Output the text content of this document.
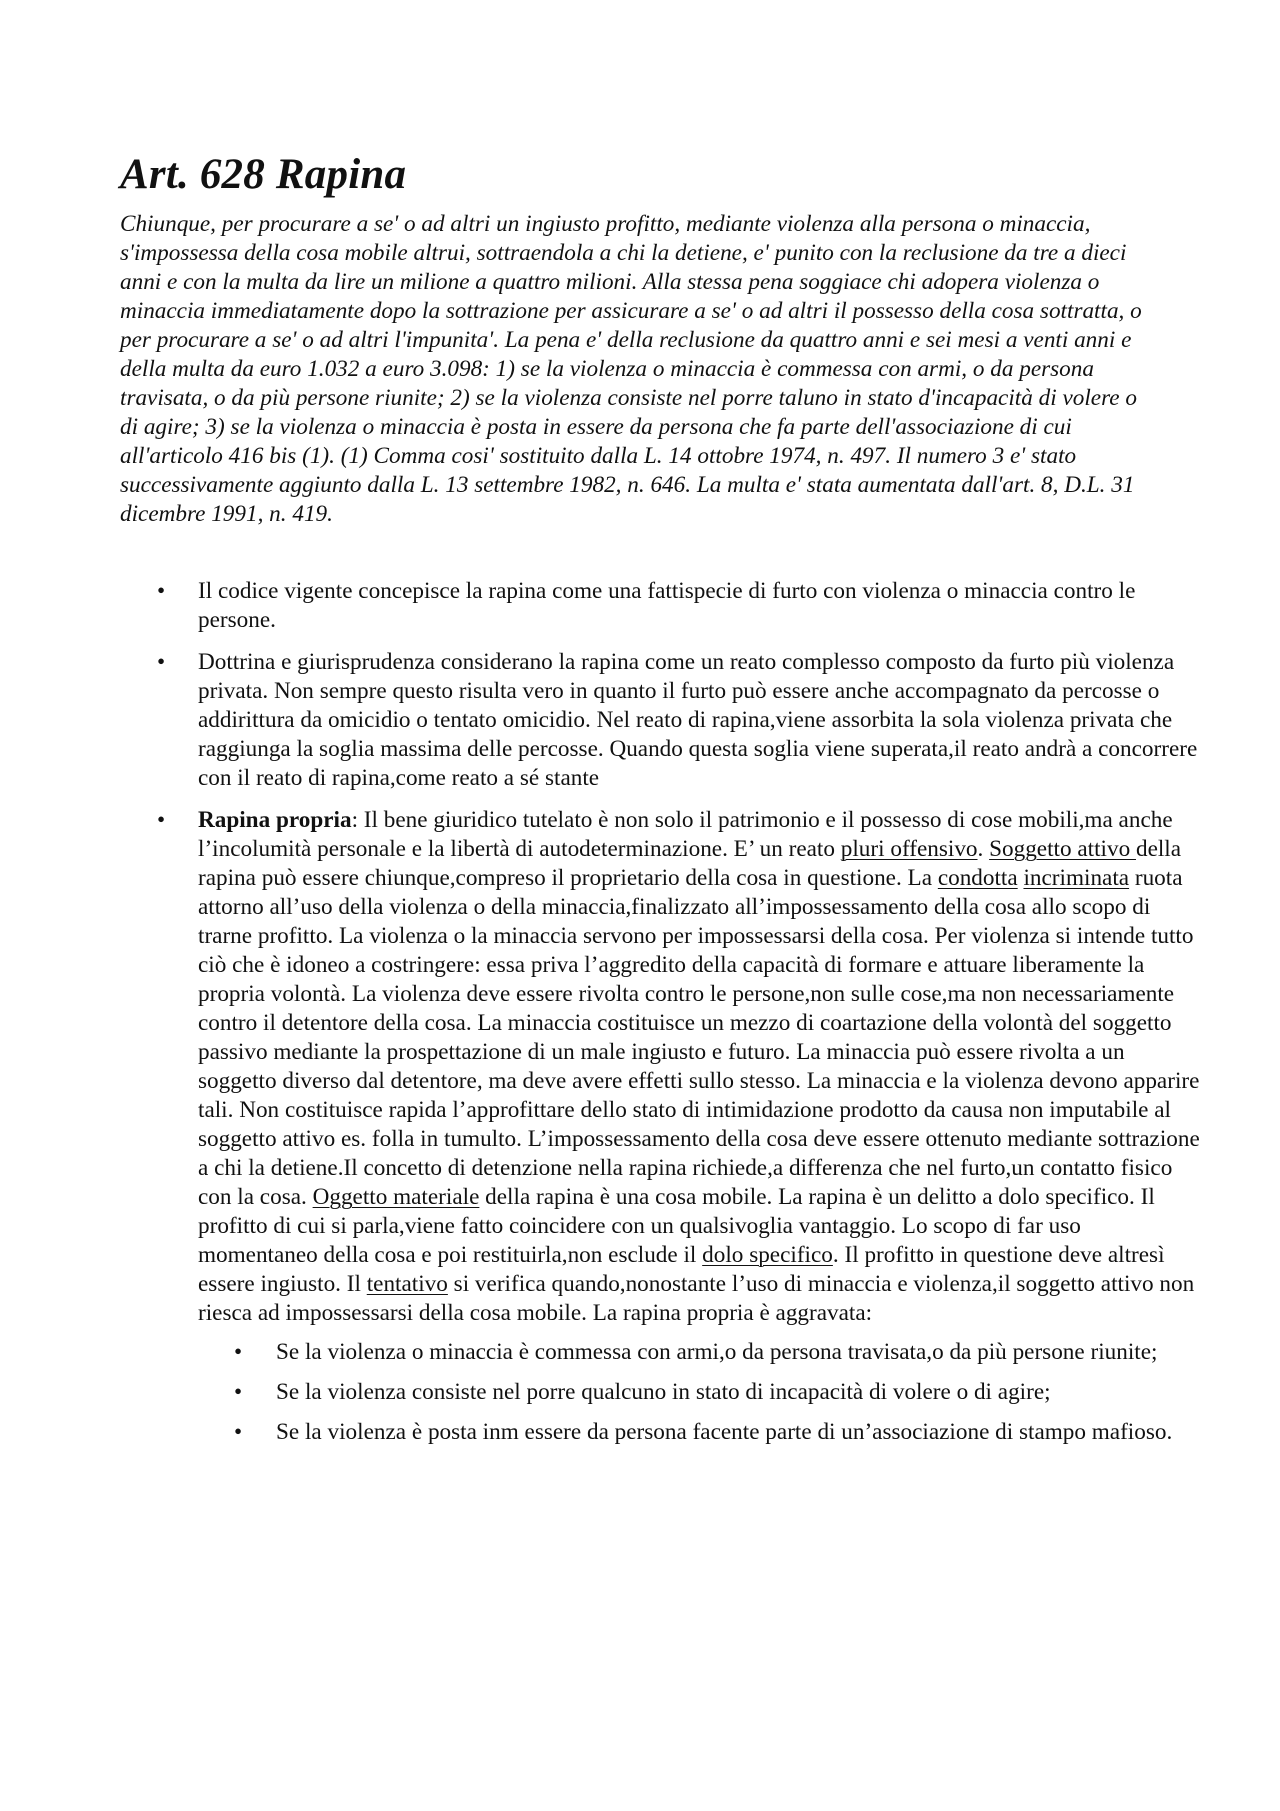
Art. 628 Rapina

Chiunque, per procurare a se' o ad altri un ingiusto profitto, mediante violenza alla persona o minaccia, s'impossessa della cosa mobile altrui, sottraendola a chi la detiene, e' punito con la reclusione da tre a dieci anni e con la multa da lire un milione a quattro milioni. Alla stessa pena soggiace chi adopera violenza o minaccia immediatamente dopo la sottrazione per assicurare a se' o ad altri il possesso della cosa sottratta, o per procurare a se' o ad altri l'impunita'. La pena e' della reclusione da quattro anni e sei mesi a venti anni e della multa da euro 1.032 a euro 3.098: 1) se la violenza o minaccia è commessa con armi, o da persona travisata, o da più persone riunite; 2) se la violenza consiste nel porre taluno in stato d'incapacità di volere o di agire; 3) se la violenza o minaccia è posta in essere da persona che fa parte dell'associazione di cui all'articolo 416 bis (1). (1) Comma cosi' sostituito dalla L. 14 ottobre 1974, n. 497. Il numero 3 e' stato successivamente aggiunto dalla L. 13 settembre 1982, n. 646. La multa e' stata aumentata dall'art. 8, D.L. 31 dicembre 1991, n. 419.

• Il codice vigente concepisce la rapina come una fattispecie di furto con violenza o minaccia contro le persone.
• Dottrina e giurisprudenza considerano la rapina come un reato complesso composto da furto più violenza privata. Non sempre questo risulta vero in quanto il furto può essere anche accompagnato da percosse o addirittura da omicidio o tentato omicidio. Nel reato di rapina,viene assorbita la sola violenza privata che raggiunga la soglia massima delle percosse. Quando questa soglia viene superata,il reato andrà a concorrere con il reato di rapina,come reato a sé stante
• Rapina propria: Il bene giuridico tutelato è non solo il patrimonio e il possesso di cose mobili,ma anche l’incolumità personale e la libertà di autodeterminazione. E’ un reato pluri offensivo. Soggetto attivo della rapina può essere chiunque,compreso il proprietario della cosa in questione. La condotta incriminata ruota attorno all’uso della violenza o della minaccia,finalizzato all’impossessamento della cosa allo scopo di trarne profitto. La violenza o la minaccia servono per impossessarsi della cosa. Per violenza si intende tutto ciò che è idoneo a costringere: essa priva l’aggredito della capacità di formare e attuare liberamente la propria volontà. La violenza deve essere rivolta contro le persone,non sulle cose,ma non necessariamente contro il detentore della cosa. La minaccia costituisce un mezzo di coartazione della volontà del soggetto passivo mediante la prospettazione di un male ingiusto e futuro. La minaccia può essere rivolta a un soggetto diverso dal detentore, ma deve avere effetti sullo stesso. La minaccia e la violenza devono apparire tali. Non costituisce rapida l’approfittare dello stato di intimidazione prodotto da causa non imputabile al soggetto attivo es. folla in tumulto. L’impossessamento della cosa deve essere ottenuto mediante sottrazione a chi la detiene.Il concetto di detenzione nella rapina richiede,a differenza che nel furto,un contatto fisico con la cosa. Oggetto materiale della rapina è una cosa mobile. La rapina è un delitto a dolo specifico. Il profitto di cui si parla,viene fatto coincidere con un qualsivoglia vantaggio. Lo scopo di far uso momentaneo della cosa e poi restituirla,non esclude il dolo specifico. Il profitto in questione deve altresì essere ingiusto. Il tentativo si verifica quando,nonostante l’uso di minaccia e violenza,il soggetto attivo non riesca ad impossessarsi della cosa mobile. La rapina propria è aggravata:
• Se la violenza o minaccia è commessa con armi,o da persona travisata,o da più persone riunite;
• Se la violenza consiste nel porre qualcuno in stato di incapacità di volere o di agire;
• Se la violenza è posta inm essere da persona facente parte di un’associazione di stampo mafioso.
